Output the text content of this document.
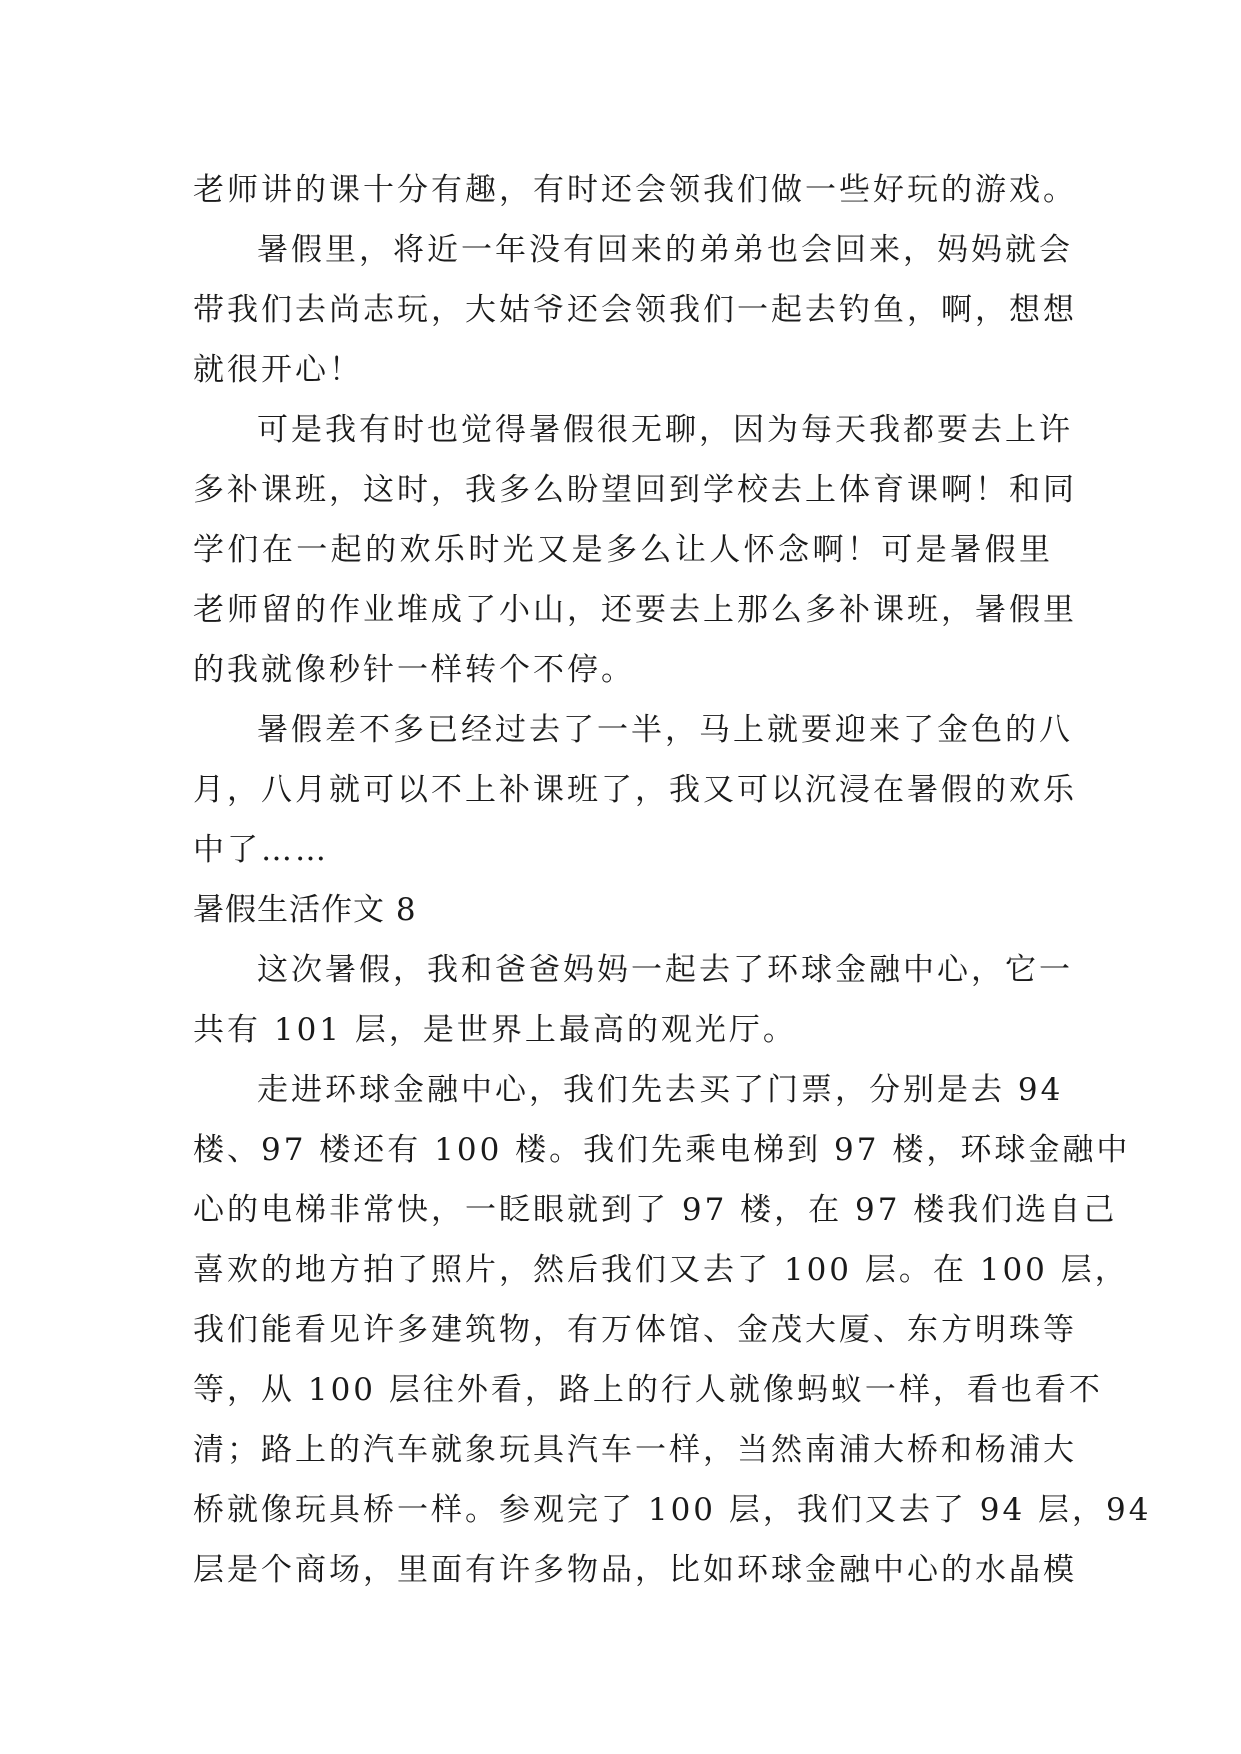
老师讲的课十分有趣，有时还会领我们做一些好玩的游戏。
暑假里，将近一年没有回来的弟弟也会回来，妈妈就会
带我们去尚志玩，大姑爷还会领我们一起去钓鱼，啊，想想
就很开心！
可是我有时也觉得暑假很无聊，因为每天我都要去上许
多补课班，这时，我多么盼望回到学校去上体育课啊！和同
学们在一起的欢乐时光又是多么让人怀念啊！可是暑假里
老师留的作业堆成了小山，还要去上那么多补课班，暑假里
的我就像秒针一样转个不停。
暑假差不多已经过去了一半，马上就要迎来了金色的八
月，八月就可以不上补课班了，我又可以沉浸在暑假的欢乐
中了……
暑假生活作文 8
这次暑假，我和爸爸妈妈一起去了环球金融中心，它一
共有 101 层，是世界上最高的观光厅。
走进环球金融中心，我们先去买了门票，分别是去 94
楼、97 楼还有 100 楼。我们先乘电梯到 97 楼，环球金融中
心的电梯非常快，一眨眼就到了 97 楼，在 97 楼我们选自己
喜欢的地方拍了照片，然后我们又去了 100 层。在 100 层，
我们能看见许多建筑物，有万体馆、金茂大厦、东方明珠等
等，从 100 层往外看，路上的行人就像蚂蚁一样，看也看不
清；路上的汽车就象玩具汽车一样，当然南浦大桥和杨浦大
桥就像玩具桥一样。参观完了 100 层，我们又去了 94 层，94
层是个商场，里面有许多物品，比如环球金融中心的水晶模
